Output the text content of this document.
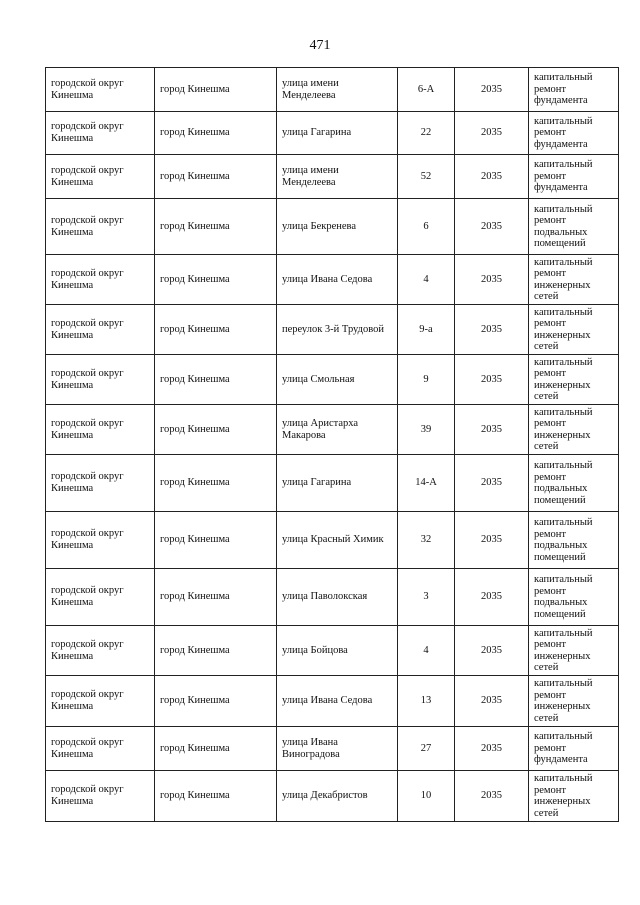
471
городской округ Кинешма	город Кинешма	улица имени Менделеева	6-А	2035	капитальный ремонт фундамента
городской округ Кинешма	город Кинешма	улица Гагарина	22	2035	капитальный ремонт фундамента
городской округ Кинешма	город Кинешма	улица имени Менделеева	52	2035	капитальный ремонт фундамента
городской округ Кинешма	город Кинешма	улица Бекренева	6	2035	капитальный ремонт подвальных помещений
городской округ Кинешма	город Кинешма	улица Ивана Седова	4	2035	капитальный ремонт инженерных сетей
городской округ Кинешма	город Кинешма	переулок 3-й Трудовой	9-а	2035	капитальный ремонт инженерных сетей
городской округ Кинешма	город Кинешма	улица Смольная	9	2035	капитальный ремонт инженерных сетей
городской округ Кинешма	город Кинешма	улица Аристарха Макарова	39	2035	капитальный ремонт инженерных сетей
городской округ Кинешма	город Кинешма	улица Гагарина	14-А	2035	капитальный ремонт подвальных помещений
городской округ Кинешма	город Кинешма	улица Красный Химик	32	2035	капитальный ремонт подвальных помещений
городской округ Кинешма	город Кинешма	улица Паволокская	3	2035	капитальный ремонт подвальных помещений
городской округ Кинешма	город Кинешма	улица Бойцова	4	2035	капитальный ремонт инженерных сетей
городской округ Кинешма	город Кинешма	улица Ивана Седова	13	2035	капитальный ремонт инженерных сетей
городской округ Кинешма	город Кинешма	улица Ивана Виноградова	27	2035	капитальный ремонт фундамента
городской округ Кинешма	город Кинешма	улица Декабристов	10	2035	капитальный ремонт инженерных сетей
